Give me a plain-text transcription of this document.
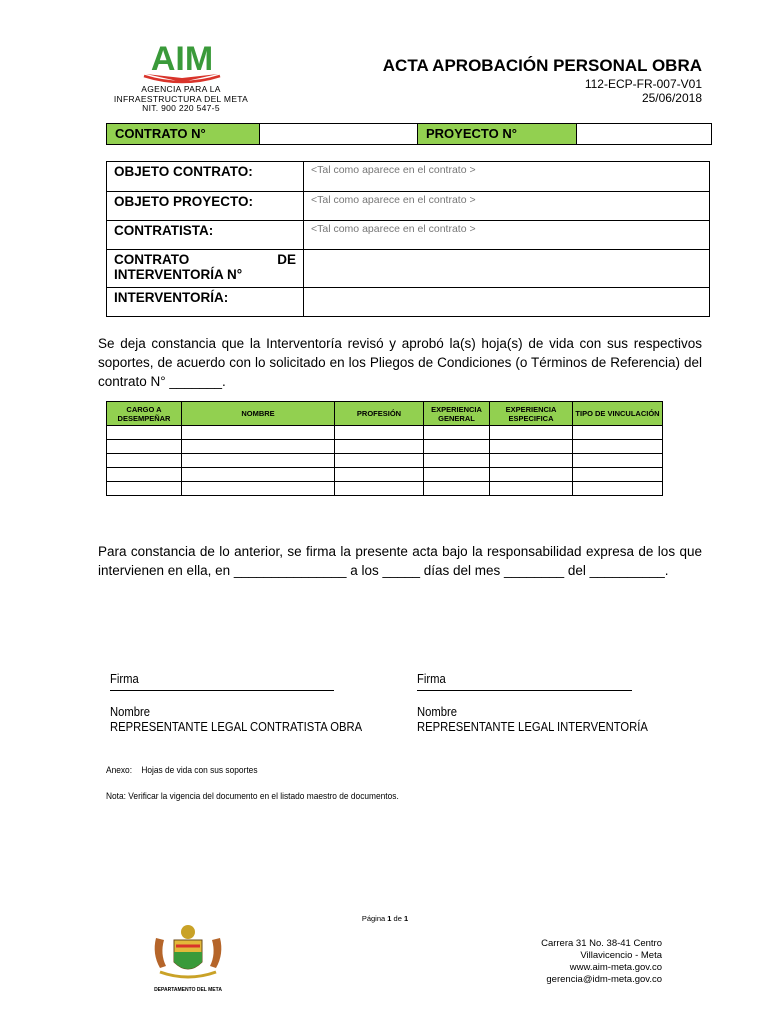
AIM
AGENCIA PARA LA
INFRAESTRUCTURA DEL META
NIT. 900 220 547-5
ACTA APROBACIÓN PERSONAL OBRA
112-ECP-FR-007-V01
25/06/2018
CONTRATO N°	PROYECTO N°
OBJETO CONTRATO:	<Tal como aparece en el contrato >
OBJETO PROYECTO:	<Tal como aparece en el contrato >
CONTRATISTA:	<Tal como aparece en el contrato >

CONTRATO DE
INTERVENTORÍA N°	

INTERVENTORÍA:	
Se deja constancia que la Interventoría revisó y aprobó la(s) hoja(s) de vida con sus respectivos soportes, de acuerdo con lo solicitado en los Pliegos de Condiciones (o Términos de Referencia) del contrato N° _______.
CARGO A DESEMPEÑAR	NOMBRE	PROFESIÓN	EXPERIENCIA GENERAL	EXPERIENCIA ESPECIFICA	TIPO DE VINCULACIÓN

Para constancia de lo anterior, se firma la presente acta bajo la responsabilidad expresa de los que intervienen en ella, en _______________ a los _____ días del mes ________ del __________.
Firma
Nombre
REPRESENTANTE LEGAL CONTRATISTA OBRA
Firma
Nombre
REPRESENTANTE LEGAL INTERVENTORÍA
Anexo: Hojas de vida con sus soportes
Nota: Verificar la vigencia del documento en el listado maestro de documentos.
Página 1 de 1
DEPARTAMENTO DEL META
Carrera 31 No. 38-41 Centro
Villavicencio - Meta
www.aim-meta.gov.co
gerencia@idm-meta.gov.co
